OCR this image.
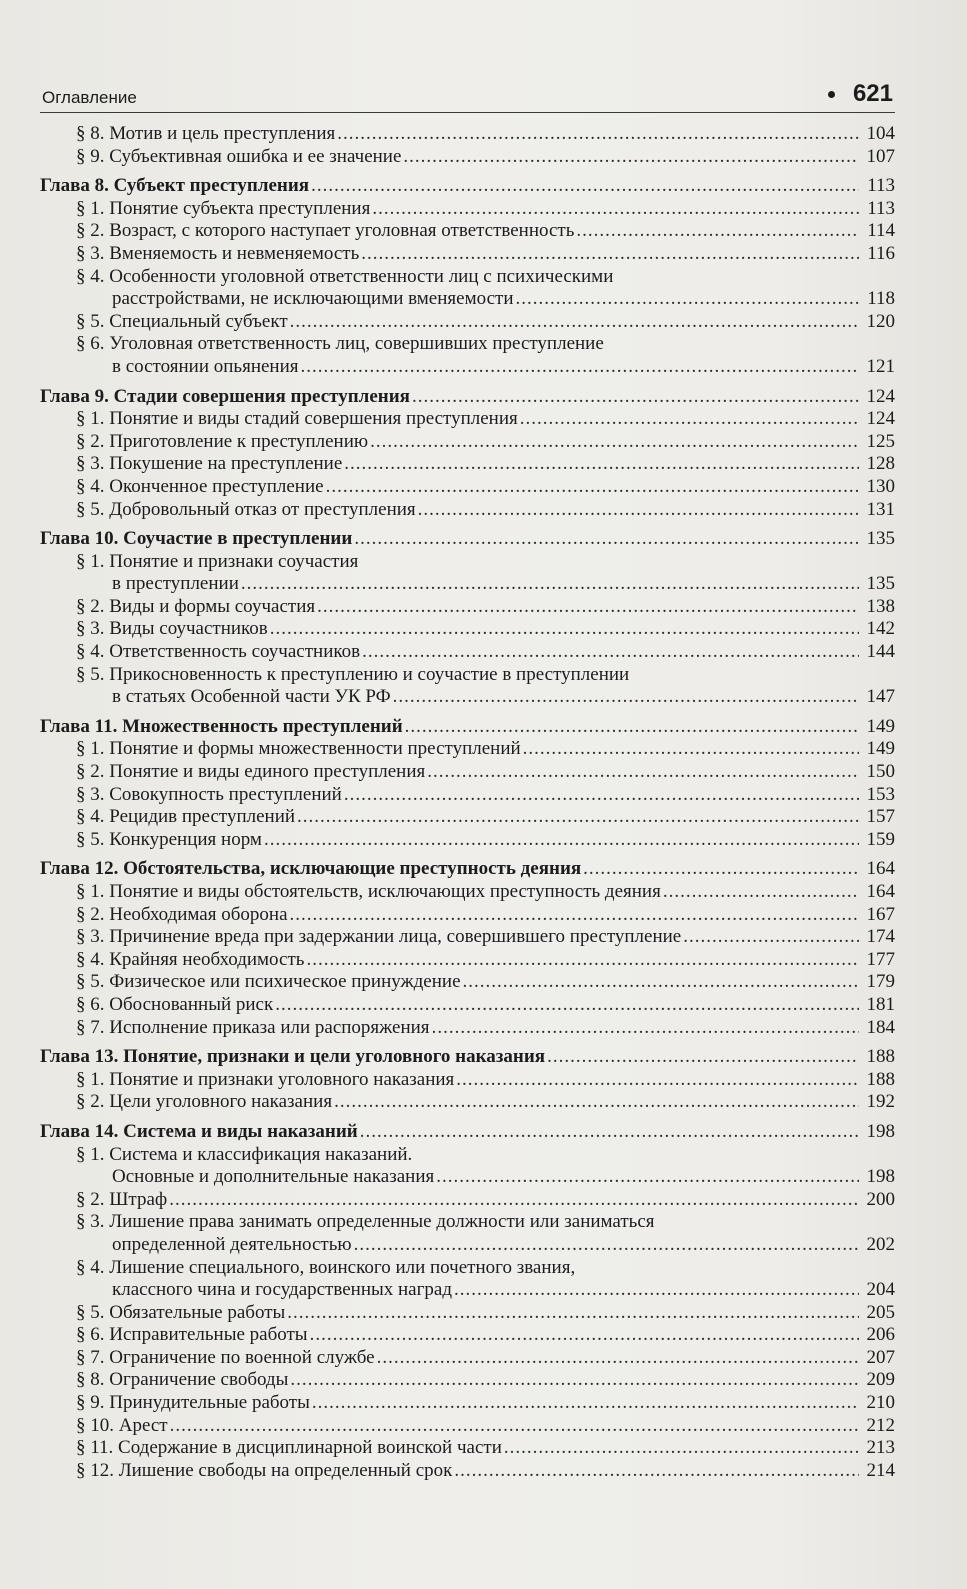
Оглавление	621
§ 8. Мотив и цель преступления .....	104
§ 9. Субъективная ошибка и ее значение .....	107
Глава 8. Субъект преступления .....	113
§ 1. Понятие субъекта преступления .....	113
§ 2. Возраст, с которого наступает уголовная ответственность .....	114
§ 3. Вменяемость и невменяемость .....	116
§ 4. Особенности уголовной ответственности лиц с психическими
расстройствами, не исключающими вменяемости .....	118
§ 5. Специальный субъект .....	120
§ 6. Уголовная ответственность лиц, совершивших преступление
в состоянии опьянения .....	121
Глава 9. Стадии совершения преступления .....	124
§ 1. Понятие и виды стадий совершения преступления .....	124
§ 2. Приготовление к преступлению .....	125
§ 3. Покушение на преступление .....	128
§ 4. Оконченное преступление .....	130
§ 5. Добровольный отказ от преступления .....	131
Глава 10. Соучастие в преступлении .....	135
§ 1. Понятие и признаки соучастия
в преступлении .....	135
§ 2. Виды и формы соучастия .....	138
§ 3. Виды соучастников .....	142
§ 4. Ответственность соучастников .....	144
§ 5. Прикосновенность к преступлению и соучастие в преступлении
в статьях Особенной части УК РФ .....	147
Глава 11. Множественность преступлений .....	149
§ 1. Понятие и формы множественности преступлений .....	149
§ 2. Понятие и виды единого преступления .....	150
§ 3. Совокупность преступлений .....	153
§ 4. Рецидив преступлений .....	157
§ 5. Конкуренция норм .....	159
Глава 12. Обстоятельства, исключающие преступность деяния .....	164
§ 1. Понятие и виды обстоятельств, исключающих преступность деяния .....	164
§ 2. Необходимая оборона .....	167
§ 3. Причинение вреда при задержании лица, совершившего преступление .....	174
§ 4. Крайняя необходимость .....	177
§ 5. Физическое или психическое принуждение .....	179
§ 6. Обоснованный риск .....	181
§ 7. Исполнение приказа или распоряжения .....	184
Глава 13. Понятие, признаки и цели уголовного наказания .....	188
§ 1. Понятие и признаки уголовного наказания .....	188
§ 2. Цели уголовного наказания .....	192
Глава 14. Система и виды наказаний .....	198
§ 1. Система и классификация наказаний.
Основные и дополнительные наказания .....	198
§ 2. Штраф .....	200
§ 3. Лишение права занимать определенные должности или заниматься
определенной деятельностью .....	202
§ 4. Лишение специального, воинского или почетного звания,
классного чина и государственных наград .....	204
§ 5. Обязательные работы .....	205
§ 6. Исправительные работы .....	206
§ 7. Ограничение по военной службе .....	207
§ 8. Ограничение свободы .....	209
§ 9. Принудительные работы .....	210
§ 10. Арест .....	212
§ 11. Содержание в дисциплинарной воинской части .....	213
§ 12. Лишение свободы на определенный срок .....	214
